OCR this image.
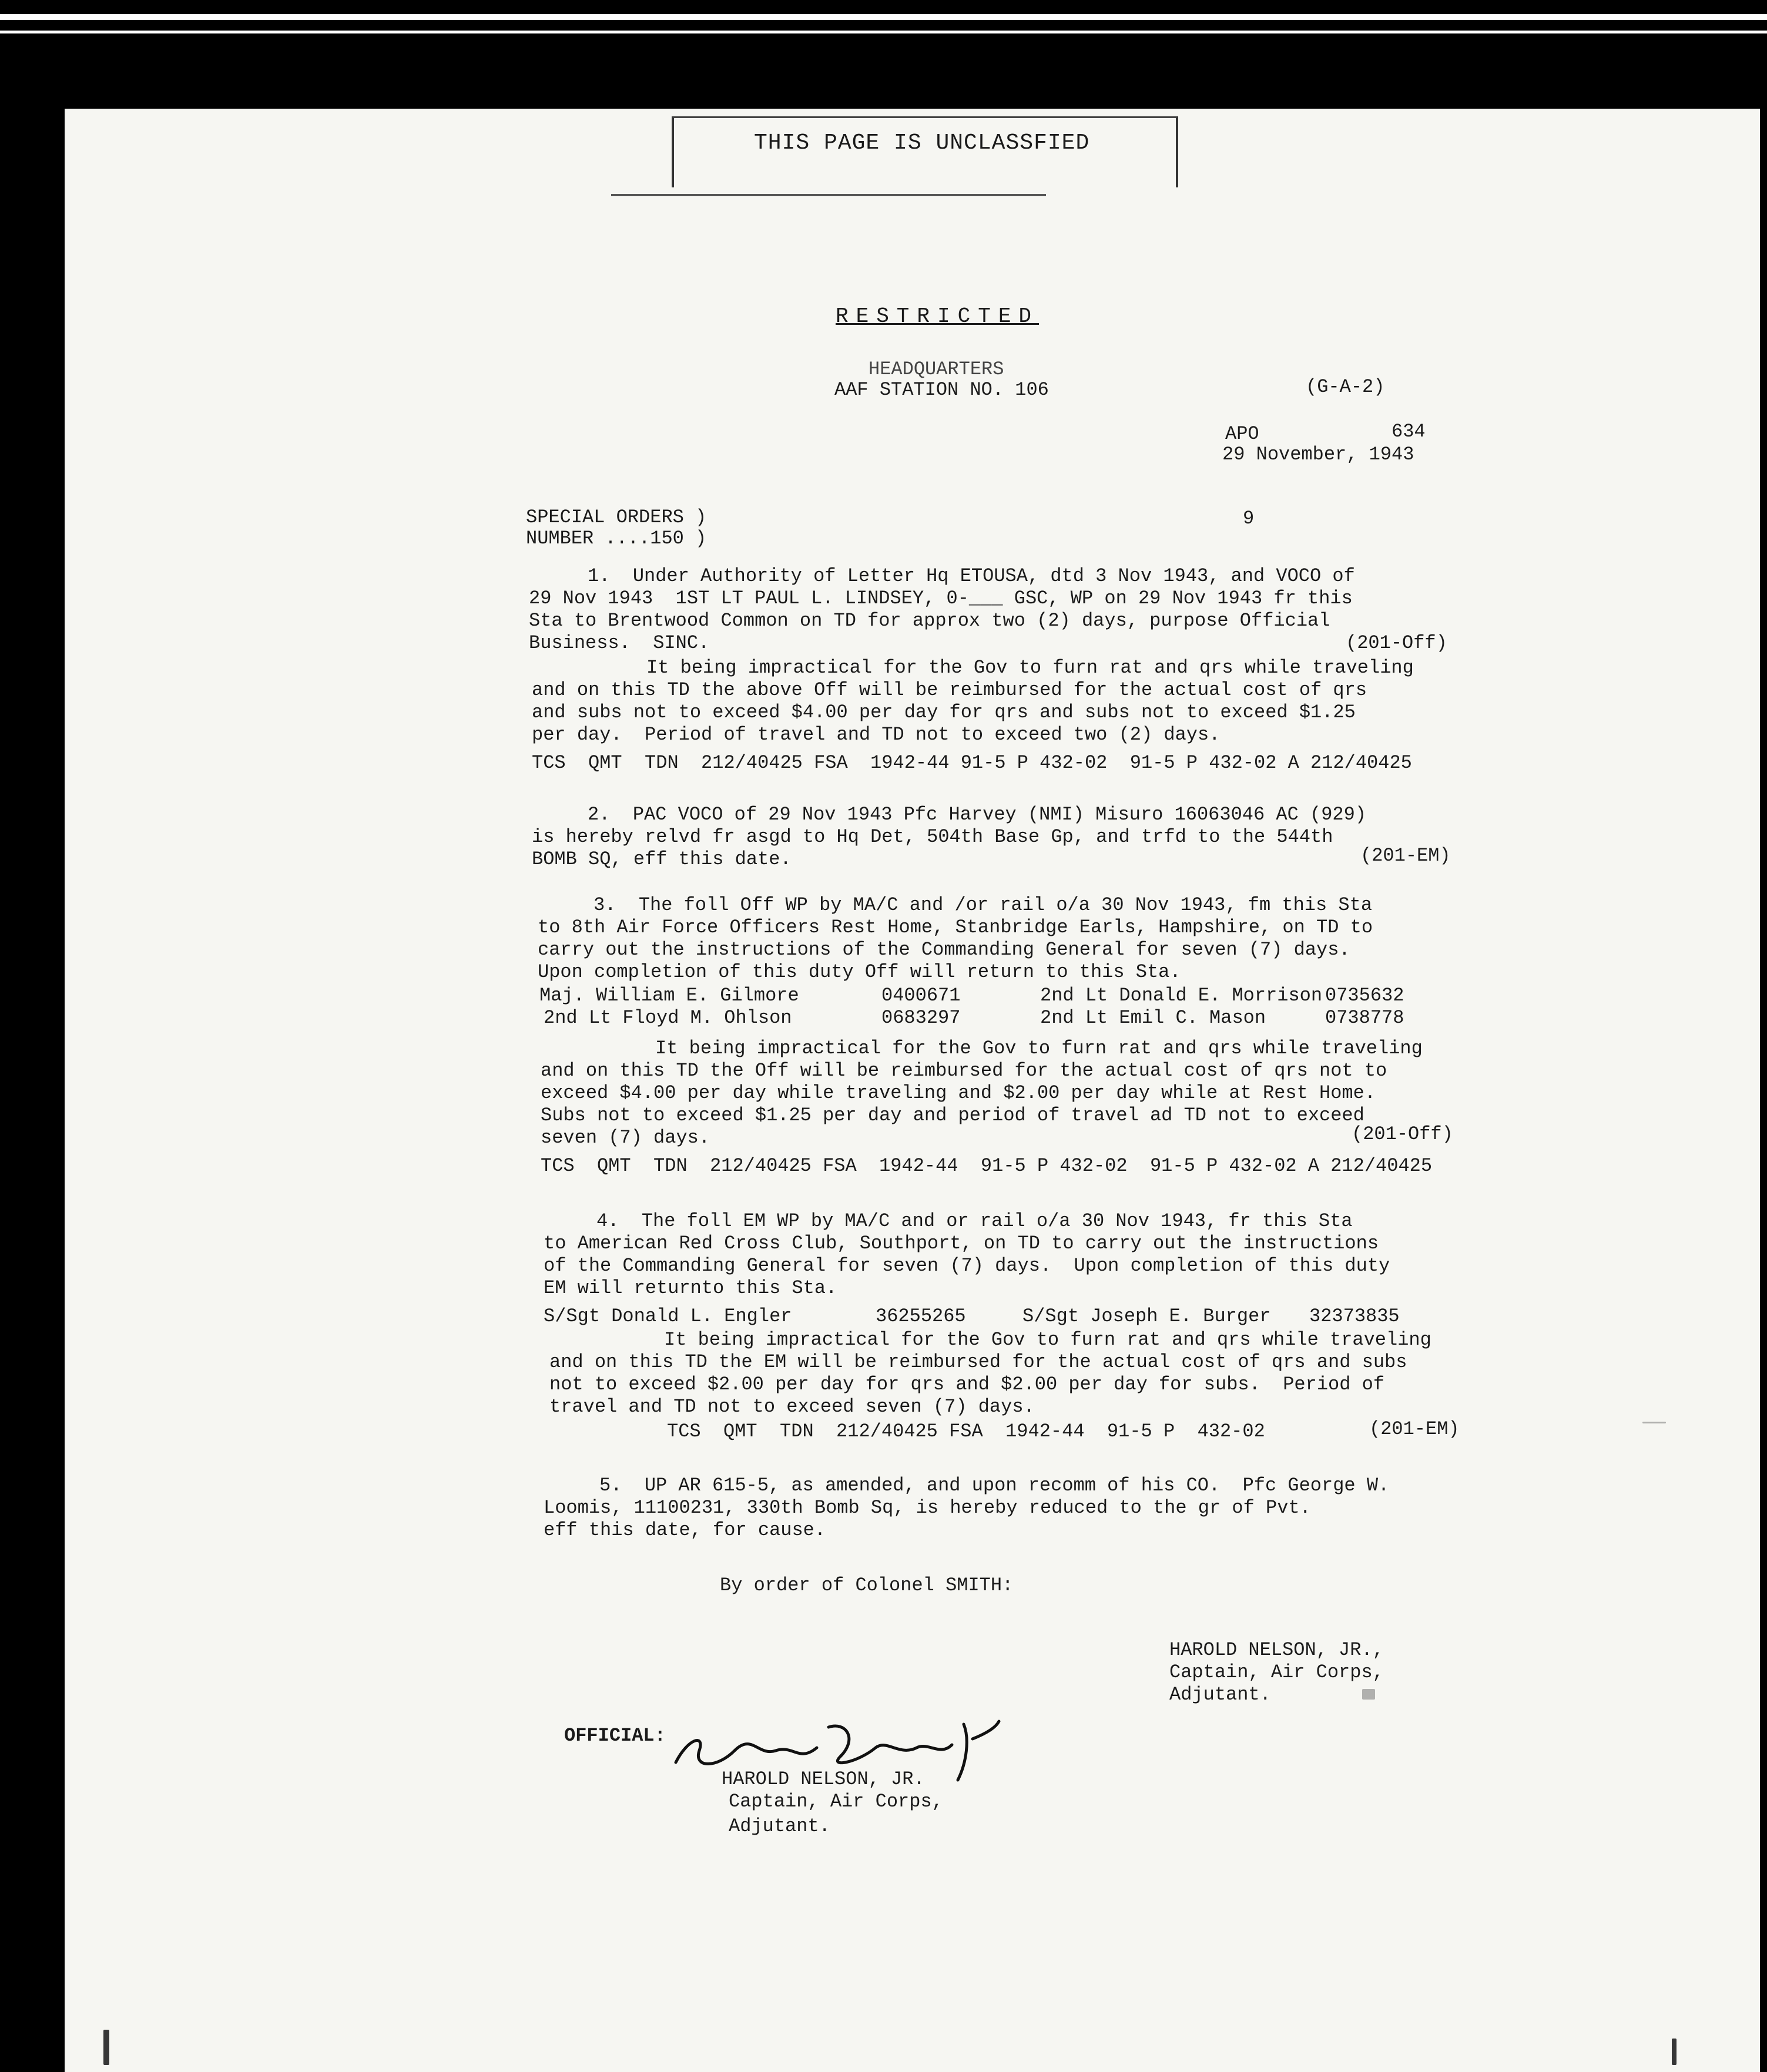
THIS PAGE IS UNCLASSFIED
RESTRICTED
HEADQUARTERS
AAF STATION NO. 106	(G-A-2)
APO	634
29 November, 1943
SPECIAL ORDERS )
NUMBER ....150 )
9
1.  Under Authority of Letter Hq ETOUSA, dtd 3 Nov 1943, and VOCO of
29 Nov 1943  1ST LT PAUL L. LINDSEY, 0-___ GSC, WP on 29 Nov 1943 fr this
Sta to Brentwood Common on TD for approx two (2) days, purpose Official
Business.  SINC.	(201-Off)
It being impractical for the Gov to furn rat and qrs while traveling
and on this TD the above Off will be reimbursed for the actual cost of qrs
and subs not to exceed $4.00 per day for qrs and subs not to exceed $1.25
per day.  Period of travel and TD not to exceed two (2) days.
TCS  QMT  TDN  212/40425 FSA  1942-44 91-5 P 432-02  91-5 P 432-02 A 212/40425
2.  PAC VOCO of 29 Nov 1943 Pfc Harvey (NMI) Misuro 16063046 AC (929)
is hereby relvd fr asgd to Hq Det, 504th Base Gp, and trfd to the 544th
BOMB SQ, eff this date.	(201-EM)
3.  The foll Off WP by MA/C and /or rail o/a 30 Nov 1943, fm this Sta
to 8th Air Force Officers Rest Home, Stanbridge Earls, Hampshire, on TD to
carry out the instructions of the Commanding General for seven (7) days.
Upon completion of this duty Off will return to this Sta.
Maj. William E. Gilmore	0400671	2nd Lt Donald E. Morrison 0735632
2nd Lt Floyd M. Ohlson	0683297	2nd Lt Emil C. Mason	0738778
It being impractical for the Gov to furn rat and qrs while traveling
and on this TD the Off will be reimbursed for the actual cost of qrs not to
exceed $4.00 per day while traveling and $2.00 per day while at Rest Home.
Subs not to exceed $1.25 per day and period of travel ad TD not to exceed
seven (7) days.	(201-Off)
TCS  QMT  TDN  212/40425 FSA  1942-44  91-5 P 432-02  91-5 P 432-02 A 212/40425
4.  The foll EM WP by MA/C and or rail o/a 30 Nov 1943, fr this Sta
to American Red Cross Club, Southport, on TD to carry out the instructions
of the Commanding General for seven (7) days.  Upon completion of this duty
EM will returnto this Sta.
S/Sgt Donald L. Engler	36255265	S/Sgt Joseph E. Burger 32373835
It being impractical for the Gov to furn rat and qrs while traveling
and on this TD the EM will be reimbursed for the actual cost of qrs and subs
not to exceed $2.00 per day for qrs and $2.00 per day for subs.  Period of
travel and TD not to exceed seven (7) days.
TCS  QMT  TDN  212/40425 FSA  1942-44  91-5 P  432-02	(201-EM)
5.  UP AR 615-5, as amended, and upon recomm of his CO.  Pfc George W.
Loomis, 11100231, 330th Bomb Sq, is hereby reduced to the gr of Pvt.
eff this date, for cause.
By order of Colonel SMITH:
HAROLD NELSON, JR.,
Captain, Air Corps,
Adjutant.
OFFICIAL:
HAROLD NELSON, JR.
Captain, Air Corps,
Adjutant.
